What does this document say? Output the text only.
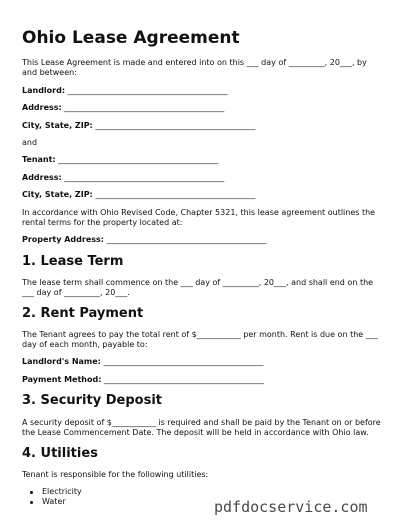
Ohio Lease Agreement
This Lease Agreement is made and entered into on this ___ day of _________, 20___, by
and between:
Landlord: ________________________________________
Address: ________________________________________
City, State, ZIP: ________________________________________
and
Tenant: ________________________________________
Address: ________________________________________
City, State, ZIP: ________________________________________
In accordance with Ohio Revised Code, Chapter 5321, this lease agreement outlines the
rental terms for the property located at:
Property Address: ________________________________________
1. Lease Term
The lease term shall commence on the ___ day of _________, 20___, and shall end on the
___ day of _________, 20___.
2. Rent Payment
The Tenant agrees to pay the total rent of $___________ per month. Rent is due on the ___
day of each month, payable to:
Landlord's Name: ________________________________________
Payment Method: ________________________________________
3. Security Deposit
A security deposit of $___________ is required and shall be paid by the Tenant on or before
the Lease Commencement Date. The deposit will be held in accordance with Ohio law.
4. Utilities
Tenant is responsible for the following utilities:
Electricity
Water	pdfdocservice.com
